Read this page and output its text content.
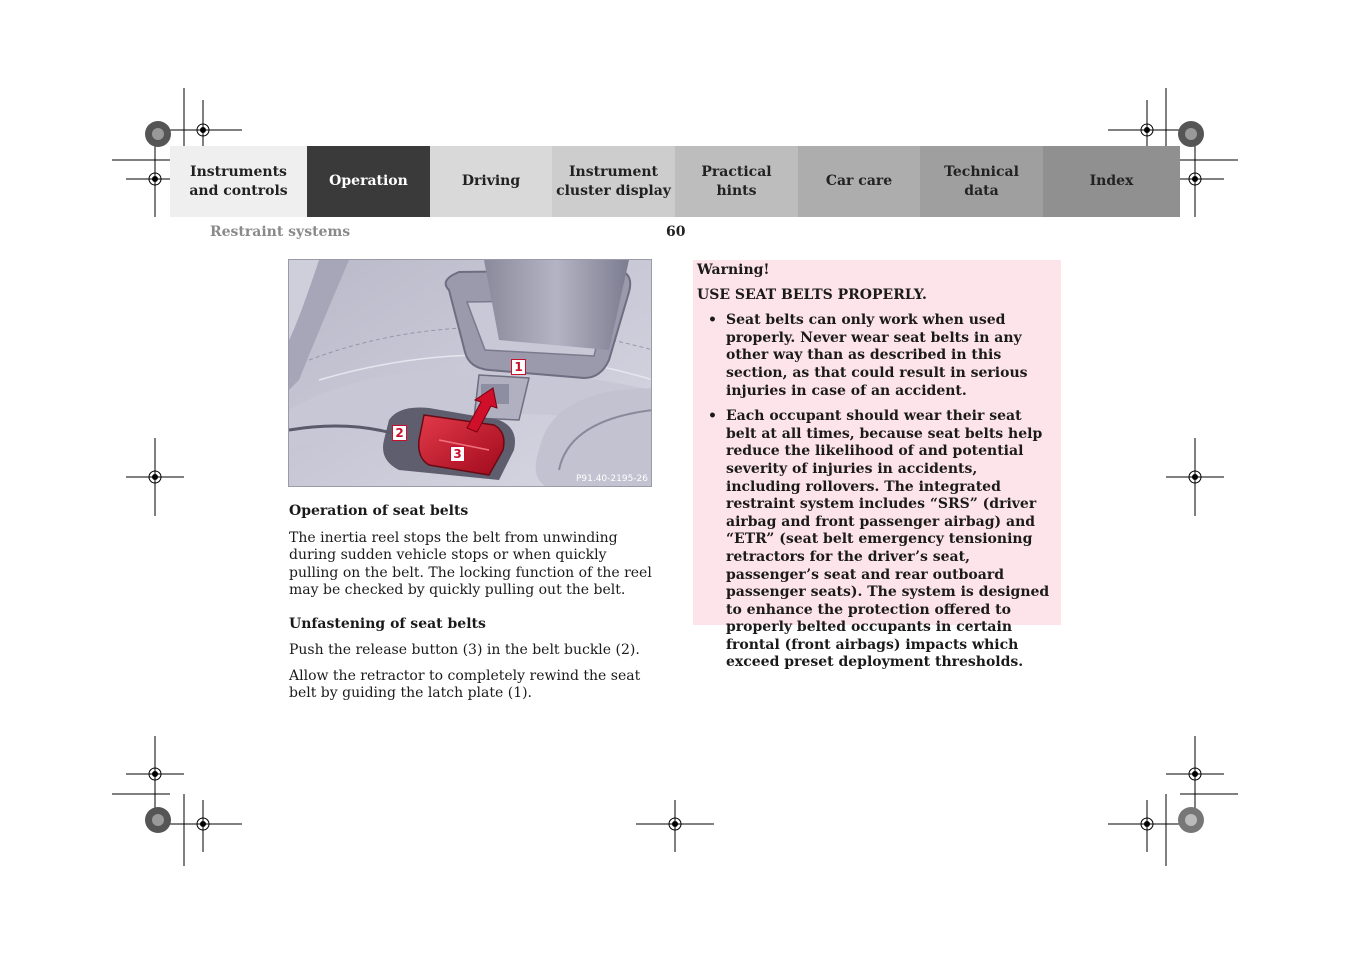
Instruments
and controls
Operation	Driving
Instrument
cluster display
Practical hints
Car care
Technical
data
Index
Restraint systems	60
1
2
3
P91.40-2195-26
Operation of seat belts

The inertia reel stops the belt from unwinding during sudden vehicle stops or when quickly pulling on the belt. The locking function of the reel may be checked by quickly pulling out the belt.

Unfastening of seat belts

Push the release button (3) in the belt buckle (2).

Allow the retractor to completely rewind the seat belt by guiding the latch plate (1).

Warning!
USE SEAT BELTS PROPERLY.
• Seat belts can only work when used properly. Never wear seat belts in any other way than as described in this section, as that could result in serious injuries in case of an accident.
• Each occupant should wear their seat belt at all times, because seat belts help reduce the likelihood of and potential severity of injuries in accidents, including rollovers. The integrated restraint system includes “SRS” (driver airbag and front passenger airbag) and “ETR” (seat belt emergency tensioning retractors for the driver’s seat, passenger’s seat and rear outboard passenger seats). The system is designed to enhance the protection offered to properly belted occupants in certain frontal (front airbags) impacts which exceed preset deployment thresholds.
